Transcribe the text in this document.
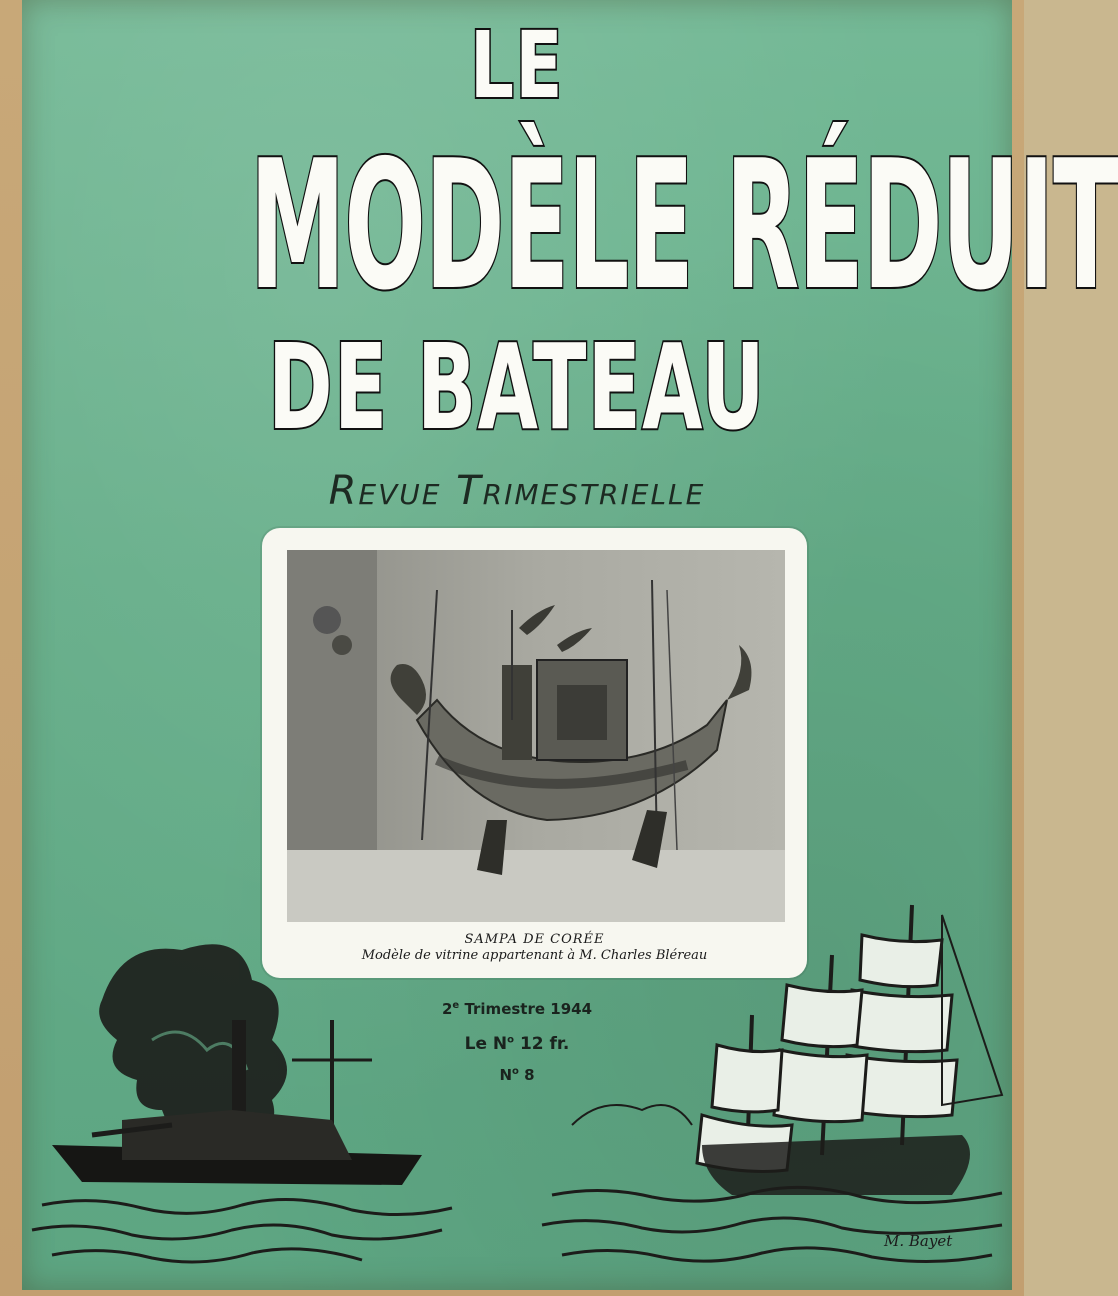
LE
MODÈLE RÉDUIT
DE BATEAU
Revue Trimestrielle
SAMPA DE CORÉE
Modèle de vitrine appartenant à M. Charles Bléreau
2e Trimestre 1944
Le $N^o$ 12 fr.
$N^o$ 8
M. Bayet
